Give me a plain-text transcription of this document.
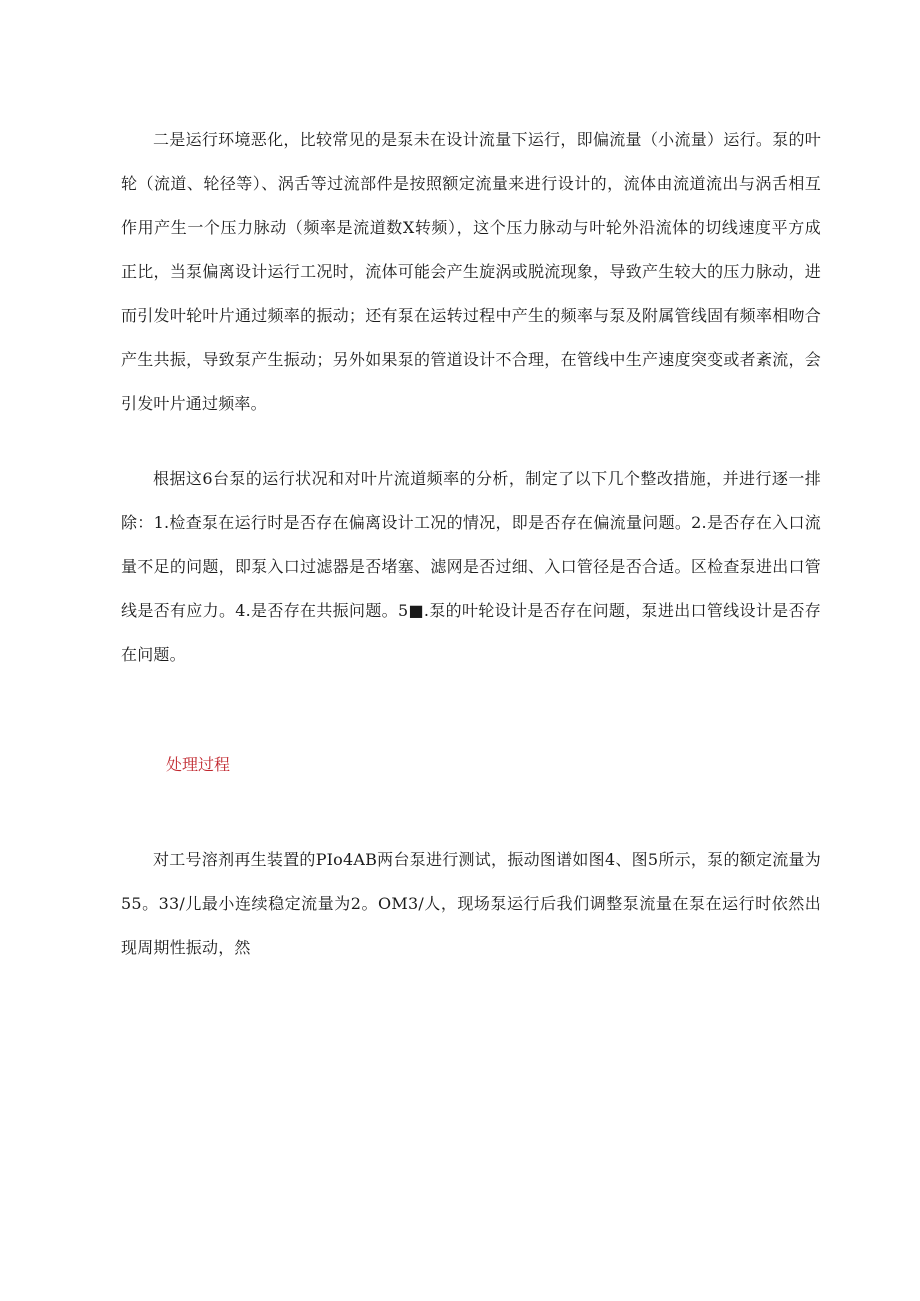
二是运行环境恶化，比较常见的是泵未在设计流量下运行，即偏流量（小流量）运行。泵的叶轮（流道、轮径等）、涡舌等过流部件是按照额定流量来进行设计的，流体由流道流出与涡舌相互作用产生一个压力脉动（频率是流道数X转频），这个压力脉动与叶轮外沿流体的切线速度平方成正比，当泵偏离设计运行工况时，流体可能会产生旋涡或脱流现象，导致产生较大的压力脉动，进而引发叶轮叶片通过频率的振动；还有泵在运转过程中产生的频率与泵及附属管线固有频率相吻合产生共振，导致泵产生振动；另外如果泵的管道设计不合理，在管线中生产速度突变或者紊流，会引发叶片通过频率。

根据这6台泵的运行状况和对叶片流道频率的分析，制定了以下几个整改措施，并进行逐一排除：1.检查泵在运行时是否存在偏离设计工况的情况，即是否存在偏流量问题。2.是否存在入口流量不足的问题，即泵入口过滤器是否堵塞、滤网是否过细、入口管径是否合适。区检查泵进出口管线是否有应力。4.是否存在共振问题。5■.泵的叶轮设计是否存在问题，泵进出口管线设计是否存在问题。

处理过程

对工号溶剂再生装置的PIo4AB两台泵进行测试，振动图谱如图4、图5所示，泵的额定流量为55。33/儿最小连续稳定流量为2。OM3/人，现场泵运行后我们调整泵流量在泵在运行时依然出现周期性振动，然
